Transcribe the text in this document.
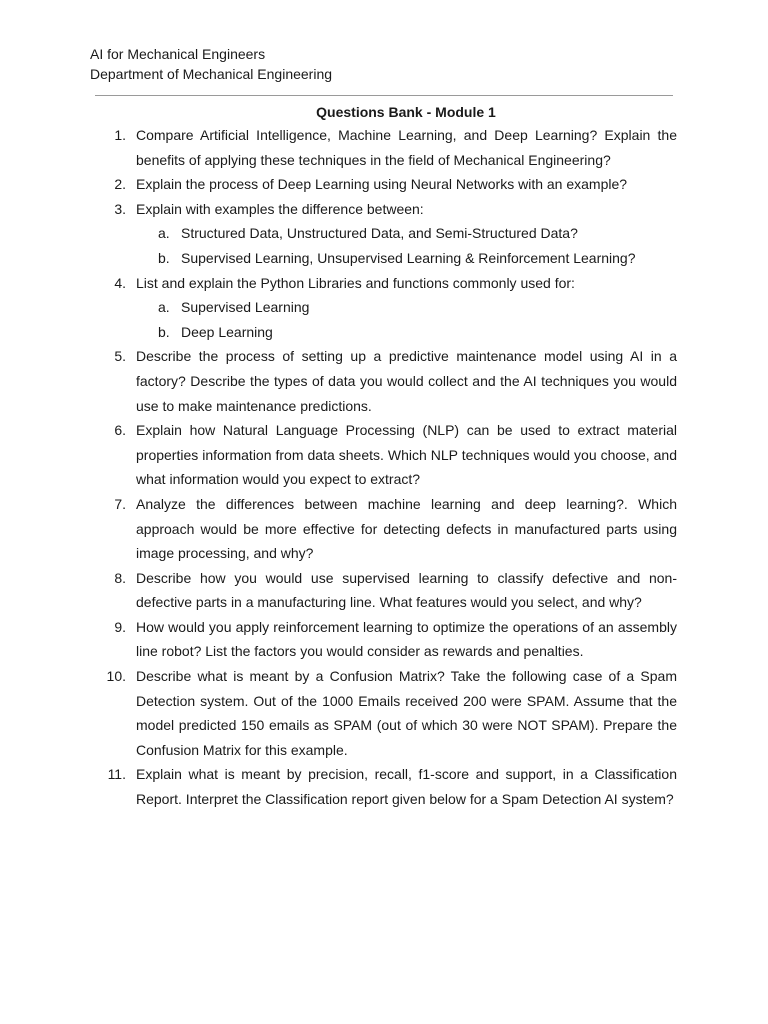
AI for Mechanical Engineers
Department of Mechanical Engineering
Questions Bank - Module 1
1. Compare Artificial Intelligence, Machine Learning, and Deep Learning? Explain the benefits of applying these techniques in the field of Mechanical Engineering?
2. Explain the process of Deep Learning using Neural Networks with an example?
3. Explain with examples the difference between:
a. Structured Data, Unstructured Data, and Semi-Structured Data?
b. Supervised Learning, Unsupervised Learning & Reinforcement Learning?
4. List and explain the Python Libraries and functions commonly used for:
a. Supervised Learning
b. Deep Learning
5. Describe the process of setting up a predictive maintenance model using AI in a factory? Describe the types of data you would collect and the AI techniques you would use to make maintenance predictions.
6. Explain how Natural Language Processing (NLP) can be used to extract material properties information from data sheets. Which NLP techniques would you choose, and what information would you expect to extract?
7. Analyze the differences between machine learning and deep learning?. Which approach would be more effective for detecting defects in manufactured parts using image processing, and why?
8. Describe how you would use supervised learning to classify defective and non-defective parts in a manufacturing line. What features would you select, and why?
9. How would you apply reinforcement learning to optimize the operations of an assembly line robot? List the factors you would consider as rewards and penalties.
10. Describe what is meant by a Confusion Matrix? Take the following case of a Spam Detection system. Out of the 1000 Emails received 200 were SPAM. Assume that the model predicted 150 emails as SPAM (out of which 30 were NOT SPAM). Prepare the Confusion Matrix for this example.
11. Explain what is meant by precision, recall, f1-score and support, in a Classification Report. Interpret the Classification report given below for a Spam Detection AI system?
